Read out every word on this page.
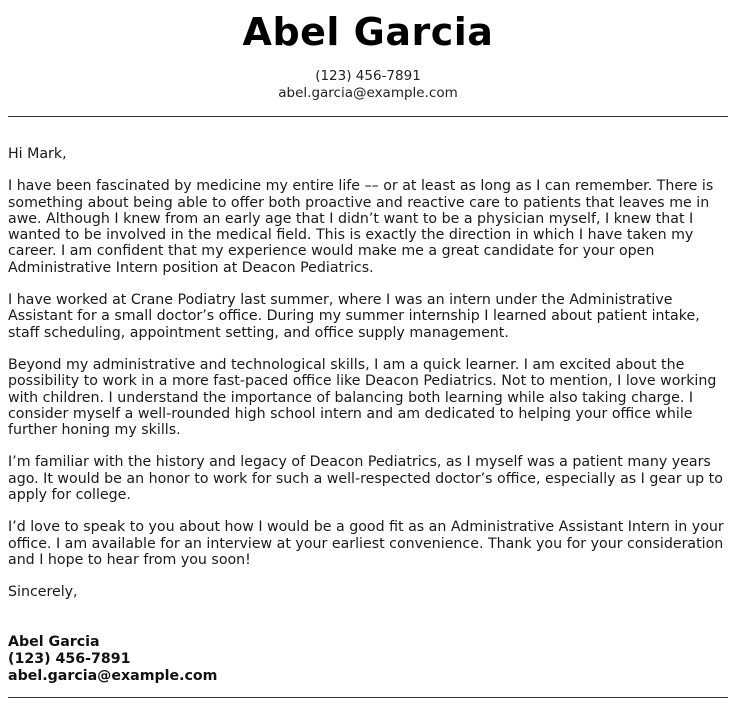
Abel Garcia
(123) 456-7891
abel.garcia@example.com

Hi Mark,

I have been fascinated by medicine my entire life –– or at least as long as I can remember. There is something about being able to offer both proactive and reactive care to patients that leaves me in awe. Although I knew from an early age that I didn’t want to be a physician myself, I knew that I wanted to be involved in the medical field. This is exactly the direction in which I have taken my career. I am confident that my experience would make me a great candidate for your open Administrative Intern position at Deacon Pediatrics.

I have worked at Crane Podiatry last summer, where I was an intern under the Administrative Assistant for a small doctor’s office. During my summer internship I learned about patient intake, staff scheduling, appointment setting, and office supply management.

Beyond my administrative and technological skills, I am a quick learner. I am excited about the possibility to work in a more fast-paced office like Deacon Pediatrics. Not to mention, I love working with children. I understand the importance of balancing both learning while also taking charge. I consider myself a well-rounded high school intern and am dedicated to helping your office while further honing my skills.

I’m familiar with the history and legacy of Deacon Pediatrics, as I myself was a patient many years ago. It would be an honor to work for such a well-respected doctor’s office, especially as I gear up to apply for college.

I’d love to speak to you about how I would be a good fit as an Administrative Assistant Intern in your office. I am available for an interview at your earliest convenience. Thank you for your consideration and I hope to hear from you soon!

Sincerely,

Abel Garcia
(123) 456-7891
abel.garcia@example.com
